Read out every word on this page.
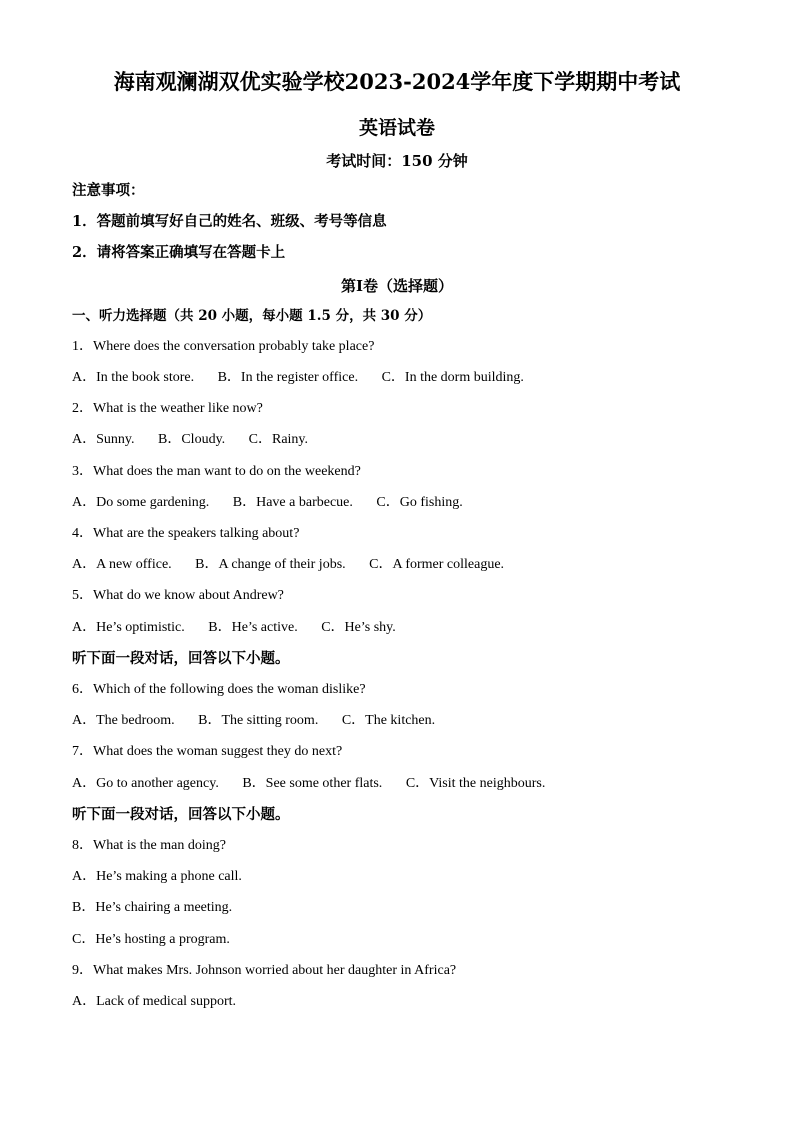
海南观澜湖双优实验学校2023-2024学年度下学期期中考试
英语试卷
考试时间：150 分钟
注意事项：
1．答题前填写好自己的姓名、班级、考号等信息
2．请将答案正确填写在答题卡上
第Ⅰ卷（选择题）
一、听力选择题（共 20 小题，每小题 1.5 分，共 30 分）
1．Where does the conversation probably take place?
A．In the book store. B．In the register office. C．In the dorm building.
2．What is the weather like now?
A．Sunny. B．Cloudy. C．Rainy.
3．What does the man want to do on the weekend?
A．Do some gardening. B．Have a barbecue. C．Go fishing.
4．What are the speakers talking about?
A．A new office. B．A change of their jobs. C．A former colleague.
5．What do we know about Andrew?
A．He’s optimistic. B．He’s active. C．He’s shy.
听下面一段对话，回答以下小题。
6．Which of the following does the woman dislike?
A．The bedroom. B．The sitting room. C．The kitchen.
7．What does the woman suggest they do next?
A．Go to another agency. B．See some other flats. C．Visit the neighbours.
听下面一段对话，回答以下小题。
8．What is the man doing?
A．He’s making a phone call.
B．He’s chairing a meeting.
C．He’s hosting a program.
9．What makes Mrs. Johnson worried about her daughter in Africa?
A．Lack of medical support.
